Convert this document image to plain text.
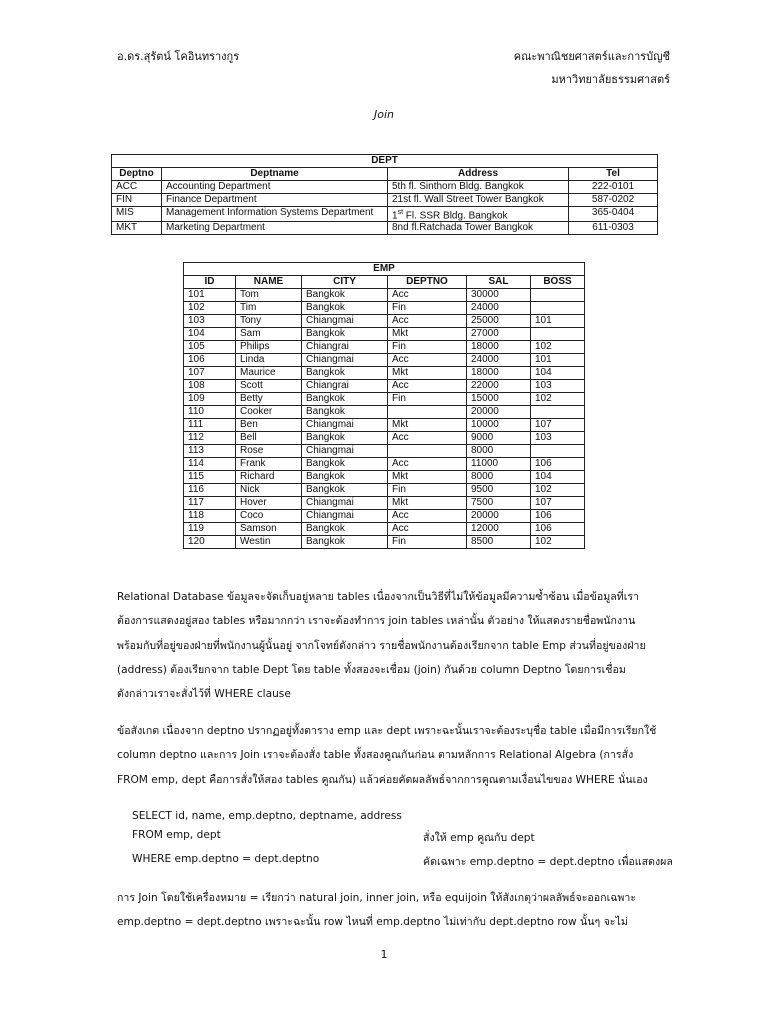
อ.ดร.สุรัตน์ โคอินทรางกูร	คณะพาณิชยศาสตร์และการบัญชี
มหาวิทยาลัยธรรมศาสตร์
Join
DEPT			
Deptno	Deptname	Address	Tel
ACC	Accounting Department	5th fl. Sinthorn Bldg. Bangkok	222-0101
FIN	Finance Department	21st fl. Wall Street Tower Bangkok	587-0202
MIS	Management Information Systems Department	1st Fl. SSR Bldg. Bangkok	365-0404
MKT	Marketing Department	8nd fl.Ratchada Tower Bangkok	611-0303
EMP					
ID	NAME	CITY	DEPTNO	SAL	BOSS
101	Tom	Bangkok	Acc	30000	
102	Tim	Bangkok	Fin	24000	
103	Tony	Chiangmai	Acc	25000	101
104	Sam	Bangkok	Mkt	27000	
105	Philips	Chiangrai	Fin	18000	102
106	Linda	Chiangmai	Acc	24000	101
107	Maurice	Bangkok	Mkt	18000	104
108	Scott	Chiangrai	Acc	22000	103
109	Betty	Bangkok	Fin	15000	102
110	Cooker	Bangkok		20000	
111	Ben	Chiangmai	Mkt	10000	107
112	Bell	Bangkok	Acc	9000	103
113	Rose	Chiangmai		8000	
114	Frank	Bangkok	Acc	11000	106
115	Richard	Bangkok	Mkt	8000	104
116	Nick	Bangkok	Fin	9500	102
117	Hover	Chiangmai	Mkt	7500	107
118	Coco	Chiangmai	Acc	20000	106
119	Samson	Bangkok	Acc	12000	106
120	Westin	Bangkok	Fin	8500	102

Relational Database ข้อมูลจะจัดเก็บอยู่หลาย tables เนื่องจากเป็นวิธีที่ไม่ให้ข้อมูลมีความซ้ำซ้อน เมื่อข้อมูลที่เรา

ต้องการแสดงอยู่สอง tables หรือมากกว่า เราจะต้องทำการ join tables เหล่านั้น ตัวอย่าง ให้แสดงรายชื่อพนักงาน

พร้อมกับที่อยู่ของฝ่ายที่พนักงานผู้นั้นอยู่ จากโจทย์ดังกล่าว รายชื่อพนักงานต้องเรียกจาก table Emp ส่วนที่อยู่ของฝ่าย

(address) ต้องเรียกจาก table Dept โดย table ทั้งสองจะเชื่อม (join) กันด้วย column Deptno โดยการเชื่อม

ดังกล่าวเราจะสั่งไว้ที่ WHERE clause

ข้อสังเกต เนื่องจาก deptno ปรากฏอยู่ทั้งตาราง emp และ dept เพราะฉะนั้นเราจะต้องระบุชื่อ table เมื่อมีการเรียกใช้

column deptno และการ Join เราจะต้องสั่ง table ทั้งสองคูณกันก่อน ตามหลักการ Relational Algebra (การสั่ง

FROM emp, dept คือการสั่งให้สอง tables คูณกัน) แล้วค่อยคัดผลลัพธ์จากการคูณตามเงื่อนไขของ WHERE นั่นเอง

SELECT id, name, emp.deptno, deptname, address
FROM emp, dept	สั่งให้ emp คูณกับ dept
WHERE emp.deptno = dept.deptno	คัดเฉพาะ emp.deptno = dept.deptno เพื่อแสดงผล

การ Join โดยใช้เครื่องหมาย = เรียกว่า natural join, inner join, หรือ equijoin ให้สังเกตุว่าผลลัพธ์จะออกเฉพาะ

emp.deptno = dept.deptno เพราะฉะนั้น row ไหนที่ emp.deptno ไม่เท่ากับ dept.deptno row นั้นๆ จะไม่

1
